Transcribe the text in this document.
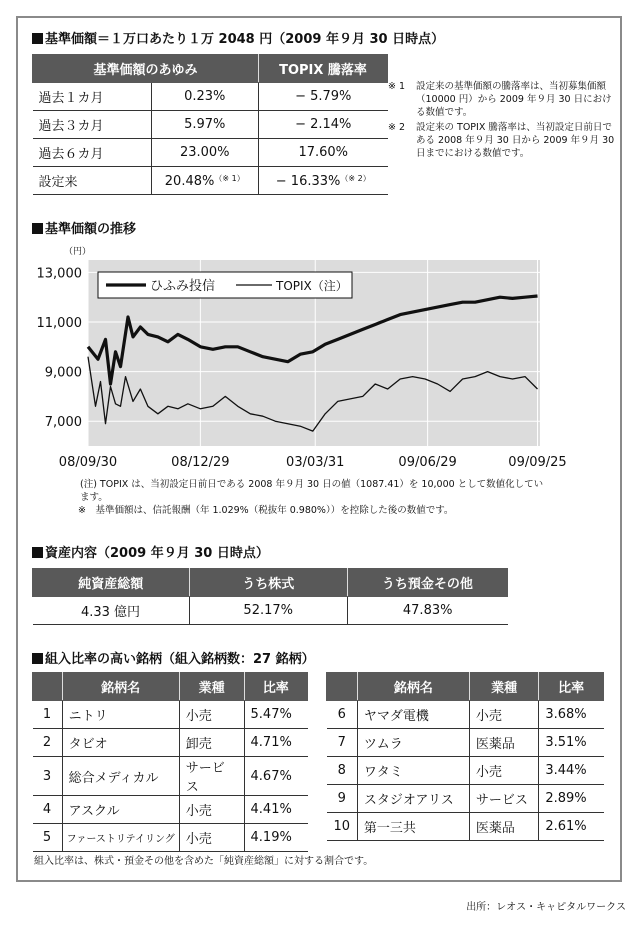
基準価額＝１万口あたり１万 2048 円（2009 年９月 30 日時点）
基準価額のあゆみ		TOPIX 騰落率
過去１カ月	0.23%	− 5.79%
過去３カ月	5.97%	− 2.14%
過去６カ月	23.00%	17.60%
設定来	20.48%$^{(※ 1)}$	− 16.33%$^{(※ 2)}$
※ 1	設定来の基準価額の騰落率は、当初募集価額（10000 円）から 2009 年９月 30 日における数値です。
※ 2	設定来の TOPIX 騰落率は、当初設定日前日である 2008 年９月 30 日から 2009 年９月 30 日までにおける数値です。
基準価額の推移
7,000
9,000
11,000
13,000
08/09/30	08/12/29	03/03/31	09/06/29	09/09/25
（円）
ひふみ投信	TOPIX（注）
(注) TOPIX は、当初設定日前日である 2008 年９月 30 日の値（1087.41）を 10,000 として数値化しています。
※　基準価額は、信託報酬（年 1.029%（税抜年 0.980%））を控除した後の数値です。
資産内容（2009 年９月 30 日時点）
純資産総額	うち株式	うち預金その他
4.33 億円	52.17%	47.83%
組入比率の高い銘柄（組入銘柄数：27 銘柄）
	銘柄名	業種	比率
1	ニトリ	小売	5.47%
2	タビオ	卸売	4.71%
3	総合メディカル	サービス	4.67%
4	アスクル	小売	4.41%
5	ファーストリテイリング	小売	4.19%
	銘柄名	業種	比率
6	ヤマダ電機	小売	3.68%
7	ツムラ	医薬品	3.51%
8	ワタミ	小売	3.44%
9	スタジオアリス	サービス	2.89%
10	第一三共	医薬品	2.61%
組入比率は、株式・預金その他を含めた「純資産総額」に対する割合です。
出所：レオス・キャピタルワークス
